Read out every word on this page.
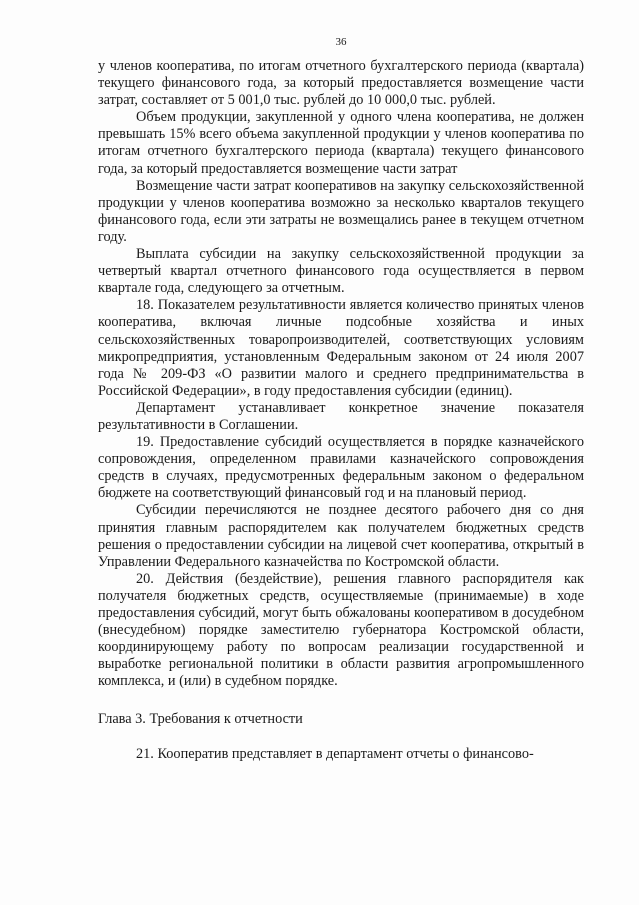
36

у членов кооператива, по итогам отчетного бухгалтерского периода (квартала) текущего финансового года, за который предоставляется возмещение части затрат, составляет от 5 001,0 тыс. рублей до 10 000,0 тыс. рублей.

Объем продукции, закупленной у одного члена кооператива, не должен превышать 15% всего объема закупленной продукции у членов кооператива по итогам отчетного бухгалтерского периода (квартала) текущего финансового года, за который предоставляется возмещение части затрат

Возмещение части затрат кооперативов на закупку сельскохозяйственной продукции у членов кооператива возможно за несколько кварталов текущего финансового года, если эти затраты не возмещались ранее в текущем отчетном году.

Выплата субсидии на закупку сельскохозяйственной продукции за четвертый квартал отчетного финансового года осуществляется в первом квартале года, следующего за отчетным.

18. Показателем результативности является количество принятых членов кооператива, включая личные подсобные хозяйства и иных сельскохозяйственных товаропроизводителей, соответствующих условиям микропредприятия, установленным Федеральным законом от 24 июля 2007 года № 209-ФЗ «О развитии малого и среднего предпринимательства в Российской Федерации», в году предоставления субсидии (единиц).

Департамент устанавливает конкретное значение показателя результативности в Соглашении.

19. Предоставление субсидий осуществляется в порядке казначейского сопровождения, определенном правилами казначейского сопровождения средств в случаях, предусмотренных федеральным законом о федеральном бюджете на соответствующий финансовый год и на плановый период.

Субсидии перечисляются не позднее десятого рабочего дня со дня принятия главным распорядителем как получателем бюджетных средств решения о предоставлении субсидии на лицевой счет кооператива, открытый в Управлении Федерального казначейства по Костромской области.

20. Действия (бездействие), решения главного распорядителя как получателя бюджетных средств, осуществляемые (принимаемые) в ходе предоставления субсидий, могут быть обжалованы кооперативом в досудебном (внесудебном) порядке заместителю губернатора Костромской области, координирующему работу по вопросам реализации государственной и выработке региональной политики в области развития агропромышленного комплекса, и (или) в судебном порядке.

Глава 3. Требования к отчетности

21. Кооператив представляет в департамент отчеты о финансово-
